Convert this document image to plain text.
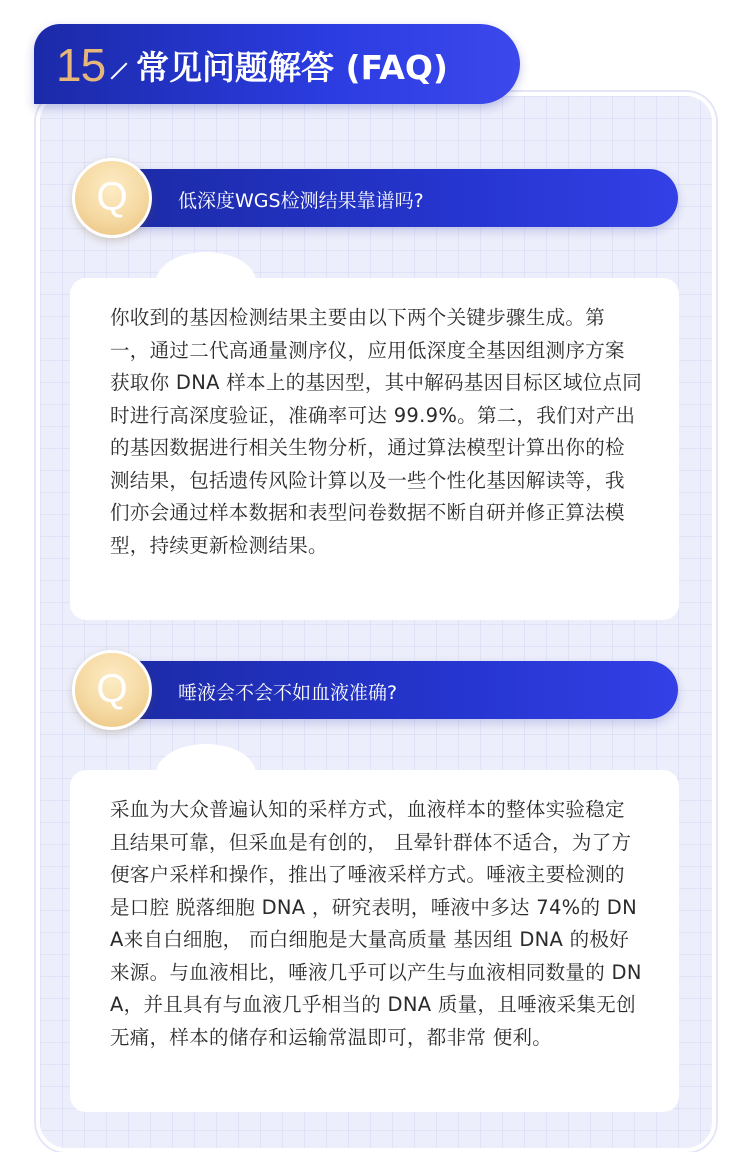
15 常见问题解答 (FAQ)
低深度WGS检测结果靠谱吗?
Q
你收到的基因检测结果主要由以下两个关键步骤生成。第一，通过二代高通量测序仪，应用低深度全基因组测序方案获取你 DNA 样本上的基因型，其中解码基因目标区域位点同时进行高深度验证，准确率可达 99.9%。第二，我们对产出的基因数据进行相关生物分析，通过算法模型计算出你的检测结果，包括遗传风险计算以及一些个性化基因解读等，我们亦会通过样本数据和表型问卷数据不断自研并修正算法模型，持续更新检测结果。
唾液会不会不如血液准确?
Q
采血为大众普遍认知的采样方式，血液样本的整体实验稳定且结果可靠，但采血是有创的， 且晕针群体不适合，为了方便客户采样和操作，推出了唾液采样方式。唾液主要检测的是口腔 脱落细胞 DNA ，研究表明，唾液中多达 74%的 DNA来自白细胞， 而白细胞是大量高质量 基因组 DNA 的极好来源。与血液相比，唾液几乎可以产生与血液相同数量的 DNA，并且具有与血液几乎相当的 DNA 质量，且唾液采集无创无痛，样本的储存和运输常温即可，都非常 便利。
